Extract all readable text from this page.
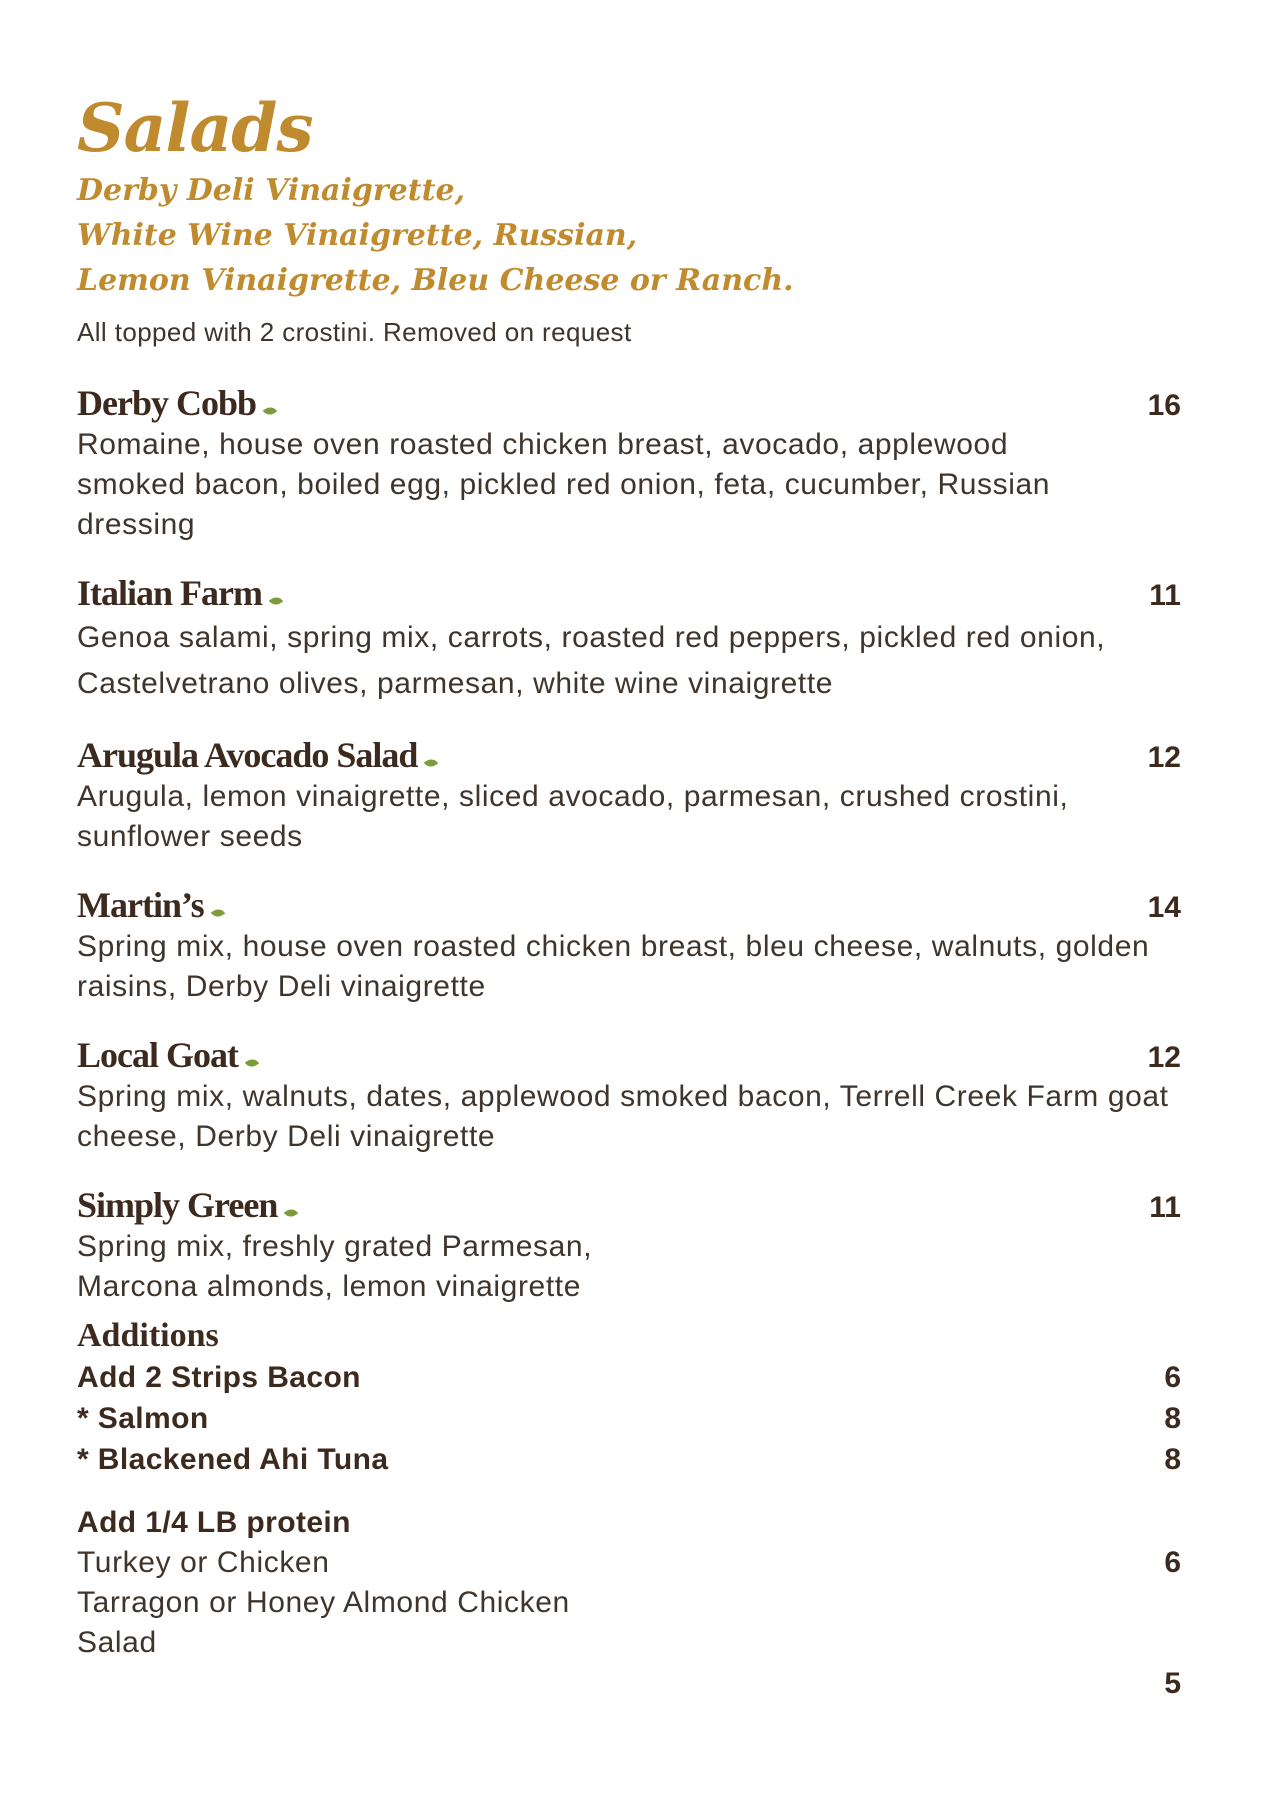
Salads
Derby Deli Vinaigrette,
White Wine Vinaigrette, Russian,
Lemon Vinaigrette, Bleu Cheese or Ranch.
All topped with 2 crostini. Removed on request
Derby Cobb	16
Romaine, house oven roasted chicken breast, avocado, applewood smoked bacon, boiled egg, pickled red onion, feta, cucumber, Russian dressing
Italian Farm	11
Genoa salami, spring mix, carrots, roasted red peppers, pickled red onion, Castelvetrano olives, parmesan, white wine vinaigrette
Arugula Avocado Salad	12
Arugula, lemon vinaigrette, sliced avocado, parmesan, crushed crostini, sunflower seeds
Martin’s	14
Spring mix, house oven roasted chicken breast, bleu cheese, walnuts, golden raisins, Derby Deli vinaigrette
Local Goat	12
Spring mix, walnuts, dates, applewood smoked bacon, Terrell Creek Farm goat cheese, Derby Deli vinaigrette
Simply Green	11
Spring mix, freshly grated Parmesan,
Marcona almonds, lemon vinaigrette
Additions
Add 2 Strips Bacon	6
* Salmon	8
* Blackened Ahi Tuna	8
Add 1/4 LB protein
Turkey or Chicken	6
Tarragon or Honey Almond Chicken
Salad
5
